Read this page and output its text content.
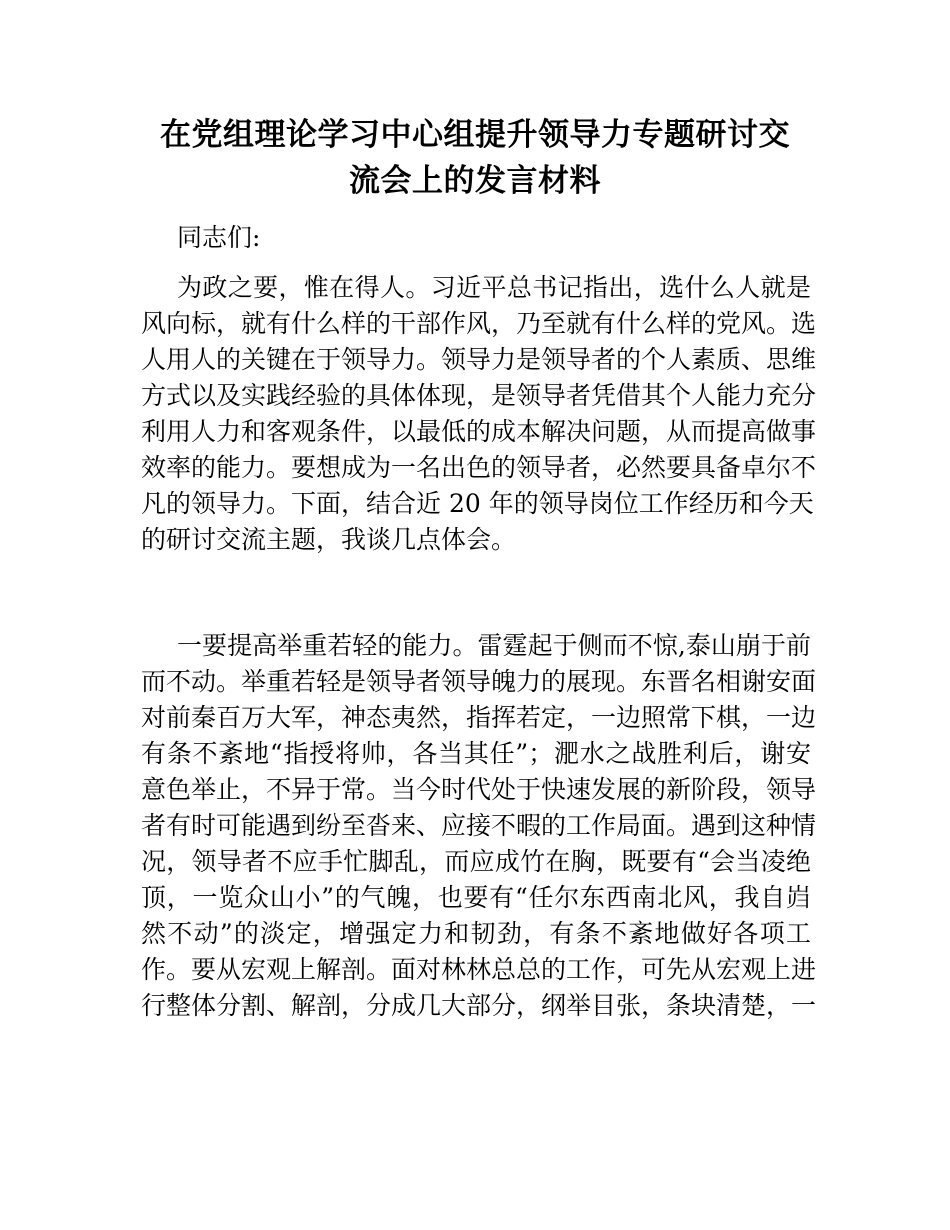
在党组理论学习中心组提升领导力专题研讨交
流会上的发言材料
同志们:
为政之要，惟在得人。习近平总书记指出，选什么人就是
风向标，就有什么样的干部作风，乃至就有什么样的党风。选
人用人的关键在于领导力。领导力是领导者的个人素质、思维
方式以及实践经验的具体体现，是领导者凭借其个人能力充分
利用人力和客观条件，以最低的成本解决问题，从而提高做事
效率的能力。要想成为一名出色的领导者，必然要具备卓尔不
凡的领导力。下面，结合近 20 年的领导岗位工作经历和今天
的研讨交流主题，我谈几点体会。
一要提高举重若轻的能力。雷霆起于侧而不惊,泰山崩于前
而不动。举重若轻是领导者领导魄力的展现。东晋名相谢安面
对前秦百万大军，神态夷然，指挥若定，一边照常下棋，一边
有条不紊地“指授将帅，各当其任”；淝水之战胜利后，谢安
意色举止，不异于常。当今时代处于快速发展的新阶段，领导
者有时可能遇到纷至沓来、应接不暇的工作局面。遇到这种情
况，领导者不应手忙脚乱，而应成竹在胸，既要有“会当凌绝
顶，一览众山小”的气魄，也要有“任尔东西南北风，我自岿
然不动”的淡定，增强定力和韧劲，有条不紊地做好各项工
作。要从宏观上解剖。面对林林总总的工作，可先从宏观上进
行整体分割、解剖，分成几大部分，纲举目张，条块清楚，一
